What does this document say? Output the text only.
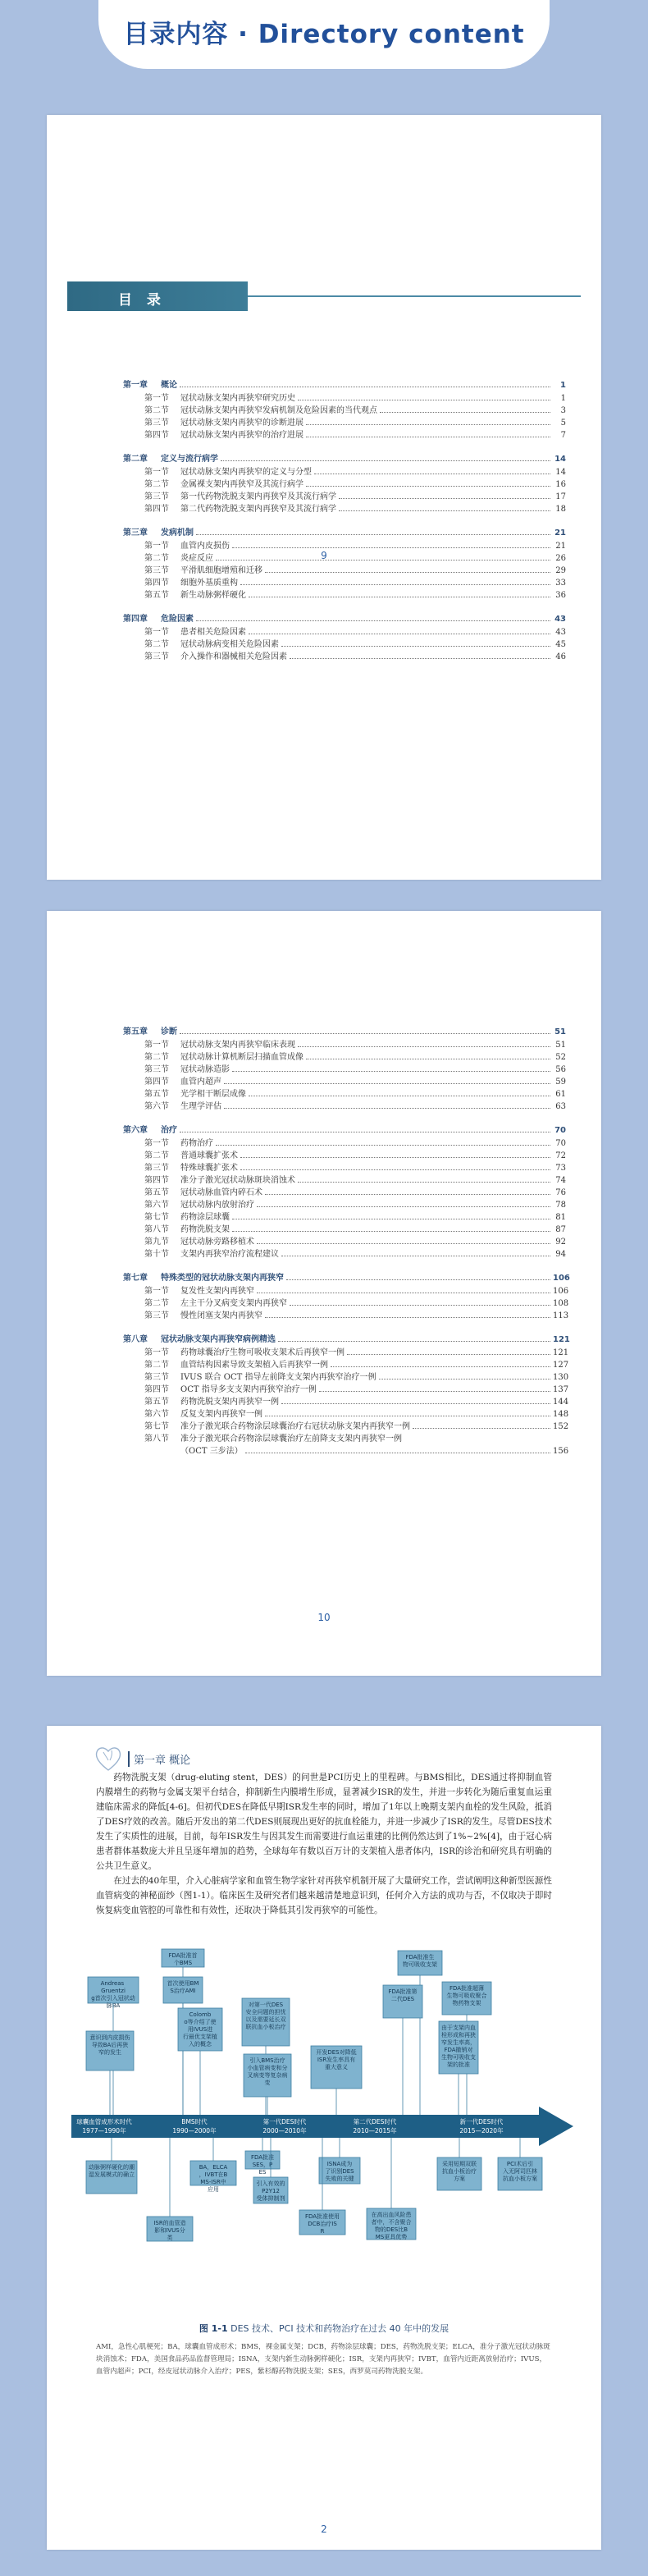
目录内容 · Directory content
目 录
第一章	概论	1
第一节	冠状动脉支架内再狭窄研究历史	1
第二节	冠状动脉支架内再狭窄发病机制及危险因素的当代观点	3
第三节	冠状动脉支架内再狭窄的诊断进展	5
第四节	冠状动脉支架内再狭窄的治疗进展	7
第二章	定义与流行病学	14
第一节	冠状动脉支架内再狭窄的定义与分型	14
第二节	金属裸支架内再狭窄及其流行病学	16
第三节	第一代药物洗脱支架内再狭窄及其流行病学	17
第四节	第二代药物洗脱支架内再狭窄及其流行病学	18
第三章	发病机制	21
第一节	血管内皮损伤	21
第二节	炎症反应	26
第三节	平滑肌细胞增殖和迁移	29
第四节	细胞外基质重构	33
第五节	新生动脉粥样硬化	36
第四章	危险因素	43
第一节	患者相关危险因素	43
第二节	冠状动脉病变相关危险因素	45
第三节	介入操作和器械相关危险因素	46
9
第五章	诊断	51
第一节	冠状动脉支架内再狭窄临床表现	51
第二节	冠状动脉计算机断层扫描血管成像	52
第三节	冠状动脉造影	56
第四节	血管内超声	59
第五节	光学相干断层成像	61
第六节	生理学评估	63
第六章	治疗	70
第一节	药物治疗	70
第二节	普通球囊扩张术	72
第三节	特殊球囊扩张术	73
第四节	准分子激光冠状动脉斑块消蚀术	74
第五节	冠状动脉血管内碎石术	76
第六节	冠状动脉内放射治疗	78
第七节	药物涂层球囊	81
第八节	药物洗脱支架	87
第九节	冠状动脉旁路移植术	92
第十节	支架内再狭窄治疗流程建议	94
第七章	特殊类型的冠状动脉支架内再狭窄	106
第一节	复发性支架内再狭窄	106
第二节	左主干分叉病变支架内再狭窄	108
第三节	慢性闭塞支架内再狭窄	113
第八章	冠状动脉支架内再狭窄病例精选	121
第一节	药物球囊治疗生物可吸收支架术后再狭窄一例	121
第二节	血管结构因素导致支架植入后再狭窄一例	127
第三节	IVUS 联合 OCT 指导左前降支支架内再狭窄治疗一例	130
第四节	OCT 指导多支支架内再狭窄治疗一例	137
第五节	药物洗脱支架内再狭窄一例	144
第六节	反复支架内再狭窄一例	148
第七节	准分子激光联合药物涂层球囊治疗右冠状动脉支架内再狭窄一例	152
第八节	准分子激光联合药物涂层球囊治疗左前降支支架内再狭窄一例
（OCT 三步法）	156
10
第一章 概论

药物洗脱支架（drug-eluting stent，DES）的问世是PCI历史上的里程碑。与BMS相比，DES通过将抑制血管内膜增生的药物与金属支架平台结合，抑制新生内膜增生形成，显著减少ISR的发生，并进一步转化为随后重复血运重建临床需求的降低[4-6]。但初代DES在降低早期ISR发生率的同时，增加了1年以上晚期支架内血栓的发生风险，抵消了DES疗效的改善。随后开发出的第二代DES则展现出更好的抗血栓能力，并进一步减少了ISR的发生。尽管DES技术发生了实质性的进展，目前，每年ISR发生与因其发生而需要进行血运重建的比例仍然达到了1%~2%[4]，由于冠心病患者群体基数庞大并且呈逐年增加的趋势，全球每年有数以百万计的支架植入患者体内，ISR的诊治和研究具有明确的公共卫生意义。

在过去的40年里，介入心脏病学家和血管生物学家针对再狭窄机制开展了大量研究工作，尝试阐明这种新型医源性血管病变的神秘面纱（图1-1）。临床医生及研究者们越来越清楚地意识到，任何介入方法的成功与否，不仅取决于即时恢复病变血管腔的可靠性和有效性，还取决于降低其引发再狭窄的可能性。

球囊血管成形术时代
1977—1990年
BMS时代
1990—2000年
第一代DES时代
2000—2010年
第二代DES时代
2010—2015年
新一代DES时代
2015—2020年
FDA批准首个BMS
Andreas Gruentzi g首次引入冠状动脉BA
首次使用BM S治疗AMI
Colomb o等介绍了使用IVUS进行最优支架植入的概念
对第一代DES 安全问题的担忧以及需要延长双联抗血小板治疗
FDA批准生物可吸收支架
FDA批准第二代DES
FDA批准超薄生物可吸收聚合物药物支架
由于支架内血栓形成和再狭窄发生率高， FDA撤销对生物可吸收支架的批准
意识到内皮损伤导致BA后再狭窄的发生
引入BMS治疗小血管病变和分叉病变等复杂病变
开发DES对降低 ISR发生率具有重大意义
动脉粥样硬化的潮湿发展模式的确立
BA，ELCA ，IVBT在B MS-ISR中应用
ISR的血管造影和IVUS分类
FDA批准 SES，P ES
引入有效的 P2Y12 受体抑制剂
ISNA成为了识别DES 失败的关键
FDA批准使用 DCB治疗IS R
在高出血风险患者中，不含聚合物的DES比B MS更具优势
采用短期双联抗血小板治疗方案
PCI术后引入无阿司匹林抗血小板方案
图 1-1 DES 技术、PCI 技术和药物治疗在过去 40 年中的发展
AMI，急性心肌梗死；BA，球囊血管成形术；BMS，裸金属支架；DCB，药物涂层球囊；DES，药物洗脱支架；ELCA，准分子激光冠状动脉斑块消蚀术；FDA，美国食品药品监督管理局；ISNA，支架内新生动脉粥样硬化；ISR，支架内再狭窄；IVBT，血管内近距离放射治疗；IVUS，血管内超声；PCI，经皮冠状动脉介入治疗；PES，紫杉醇药物洗脱支架；SES，西罗莫司药物洗脱支架。
2
